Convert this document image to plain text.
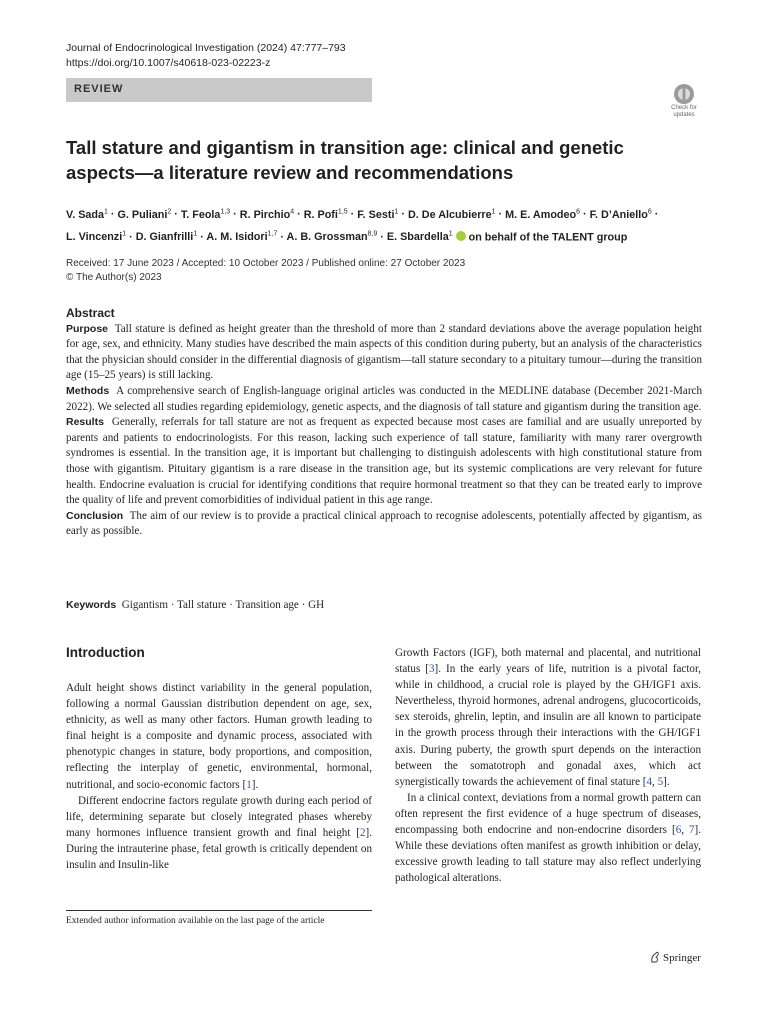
Journal of Endocrinological Investigation (2024) 47:777–793
https://doi.org/10.1007/s40618-023-02223-z
REVIEW
Check for
updates
Tall stature and gigantism in transition age: clinical and genetic aspects—a literature review and recommendations
V. Sada$^1$ · G. Puliani$^2$ · T. Feola$^{1,3}$ · R. Pirchio$^4$ · R. Pofi$^{1,5}$ · F. Sesti$^1$ · D. De Alcubierre$^1$ · M. E. Amodeo$^6$ · F. D’Aniello$^6$ ·
L. Vincenzi$^1$ · D. Gianfrilli$^1$ · A. M. Isidori$^{1,7}$ · A. B. Grossman$^{8,9}$ · E. Sbardella$^1$ on behalf of the TALENT group
Received: 17 June 2023 / Accepted: 10 October 2023 / Published online: 27 October 2023
© The Author(s) 2023
Abstract
Purpose Tall stature is defined as height greater than the threshold of more than 2 standard deviations above the average population height for age, sex, and ethnicity. Many studies have described the main aspects of this condition during puberty, but an analysis of the characteristics that the physician should consider in the differential diagnosis of gigantism—tall stature secondary to a pituitary tumour—during the transition age (15–25 years) is still lacking.
Methods A comprehensive search of English-language original articles was conducted in the MEDLINE database (December 2021-March 2022). We selected all studies regarding epidemiology, genetic aspects, and the diagnosis of tall stature and gigantism during the transition age.
Results Generally, referrals for tall stature are not as frequent as expected because most cases are familial and are usually unreported by parents and patients to endocrinologists. For this reason, lacking such experience of tall stature, familiarity with many rarer overgrowth syndromes is essential. In the transition age, it is important but challenging to distinguish adolescents with high constitutional stature from those with gigantism. Pituitary gigantism is a rare disease in the transition age, but its systemic complications are very relevant for future health. Endocrine evaluation is crucial for identifying conditions that require hormonal treatment so that they can be treated early to improve the quality of life and prevent comorbidities of individual patient in this age range.
Conclusion The aim of our review is to provide a practical clinical approach to recognise adolescents, potentially affected by gigantism, as early as possible.
Keywords Gigantism · Tall stature · Transition age · GH
Introduction

Adult height shows distinct variability in the general population, following a normal Gaussian distribution dependent on age, sex, ethnicity, as well as many other factors. Human growth leading to final height is a composite and dynamic process, associated with phenotypic changes in stature, body proportions, and composition, reflecting the interplay of genetic, environmental, hormonal, nutritional, and socio-economic factors [1].

Different endocrine factors regulate growth during each period of life, determining separate but closely integrated phases whereby many hormones influence transient growth and final height [2]. During the intrauterine phase, fetal growth is critically dependent on insulin and Insulin-like

Growth Factors (IGF), both maternal and placental, and nutritional status [3]. In the early years of life, nutrition is a pivotal factor, while in childhood, a crucial role is played by the GH/IGF1 axis. Nevertheless, thyroid hormones, adrenal androgens, glucocorticoids, sex steroids, ghrelin, leptin, and insulin are all known to participate in the growth process through their interactions with the GH/IGF1 axis. During puberty, the growth spurt depends on the interaction between the somatotroph and gonadal axes, which act synergistically towards the achievement of final stature [4, 5].

In a clinical context, deviations from a normal growth pattern can often represent the first evidence of a huge spectrum of diseases, encompassing both endocrine and non-endocrine disorders [6, 7]. While these deviations often manifest as growth inhibition or delay, excessive growth leading to tall stature may also reflect underlying pathological alterations.

Extended author information available on the last page of the article
Springer
